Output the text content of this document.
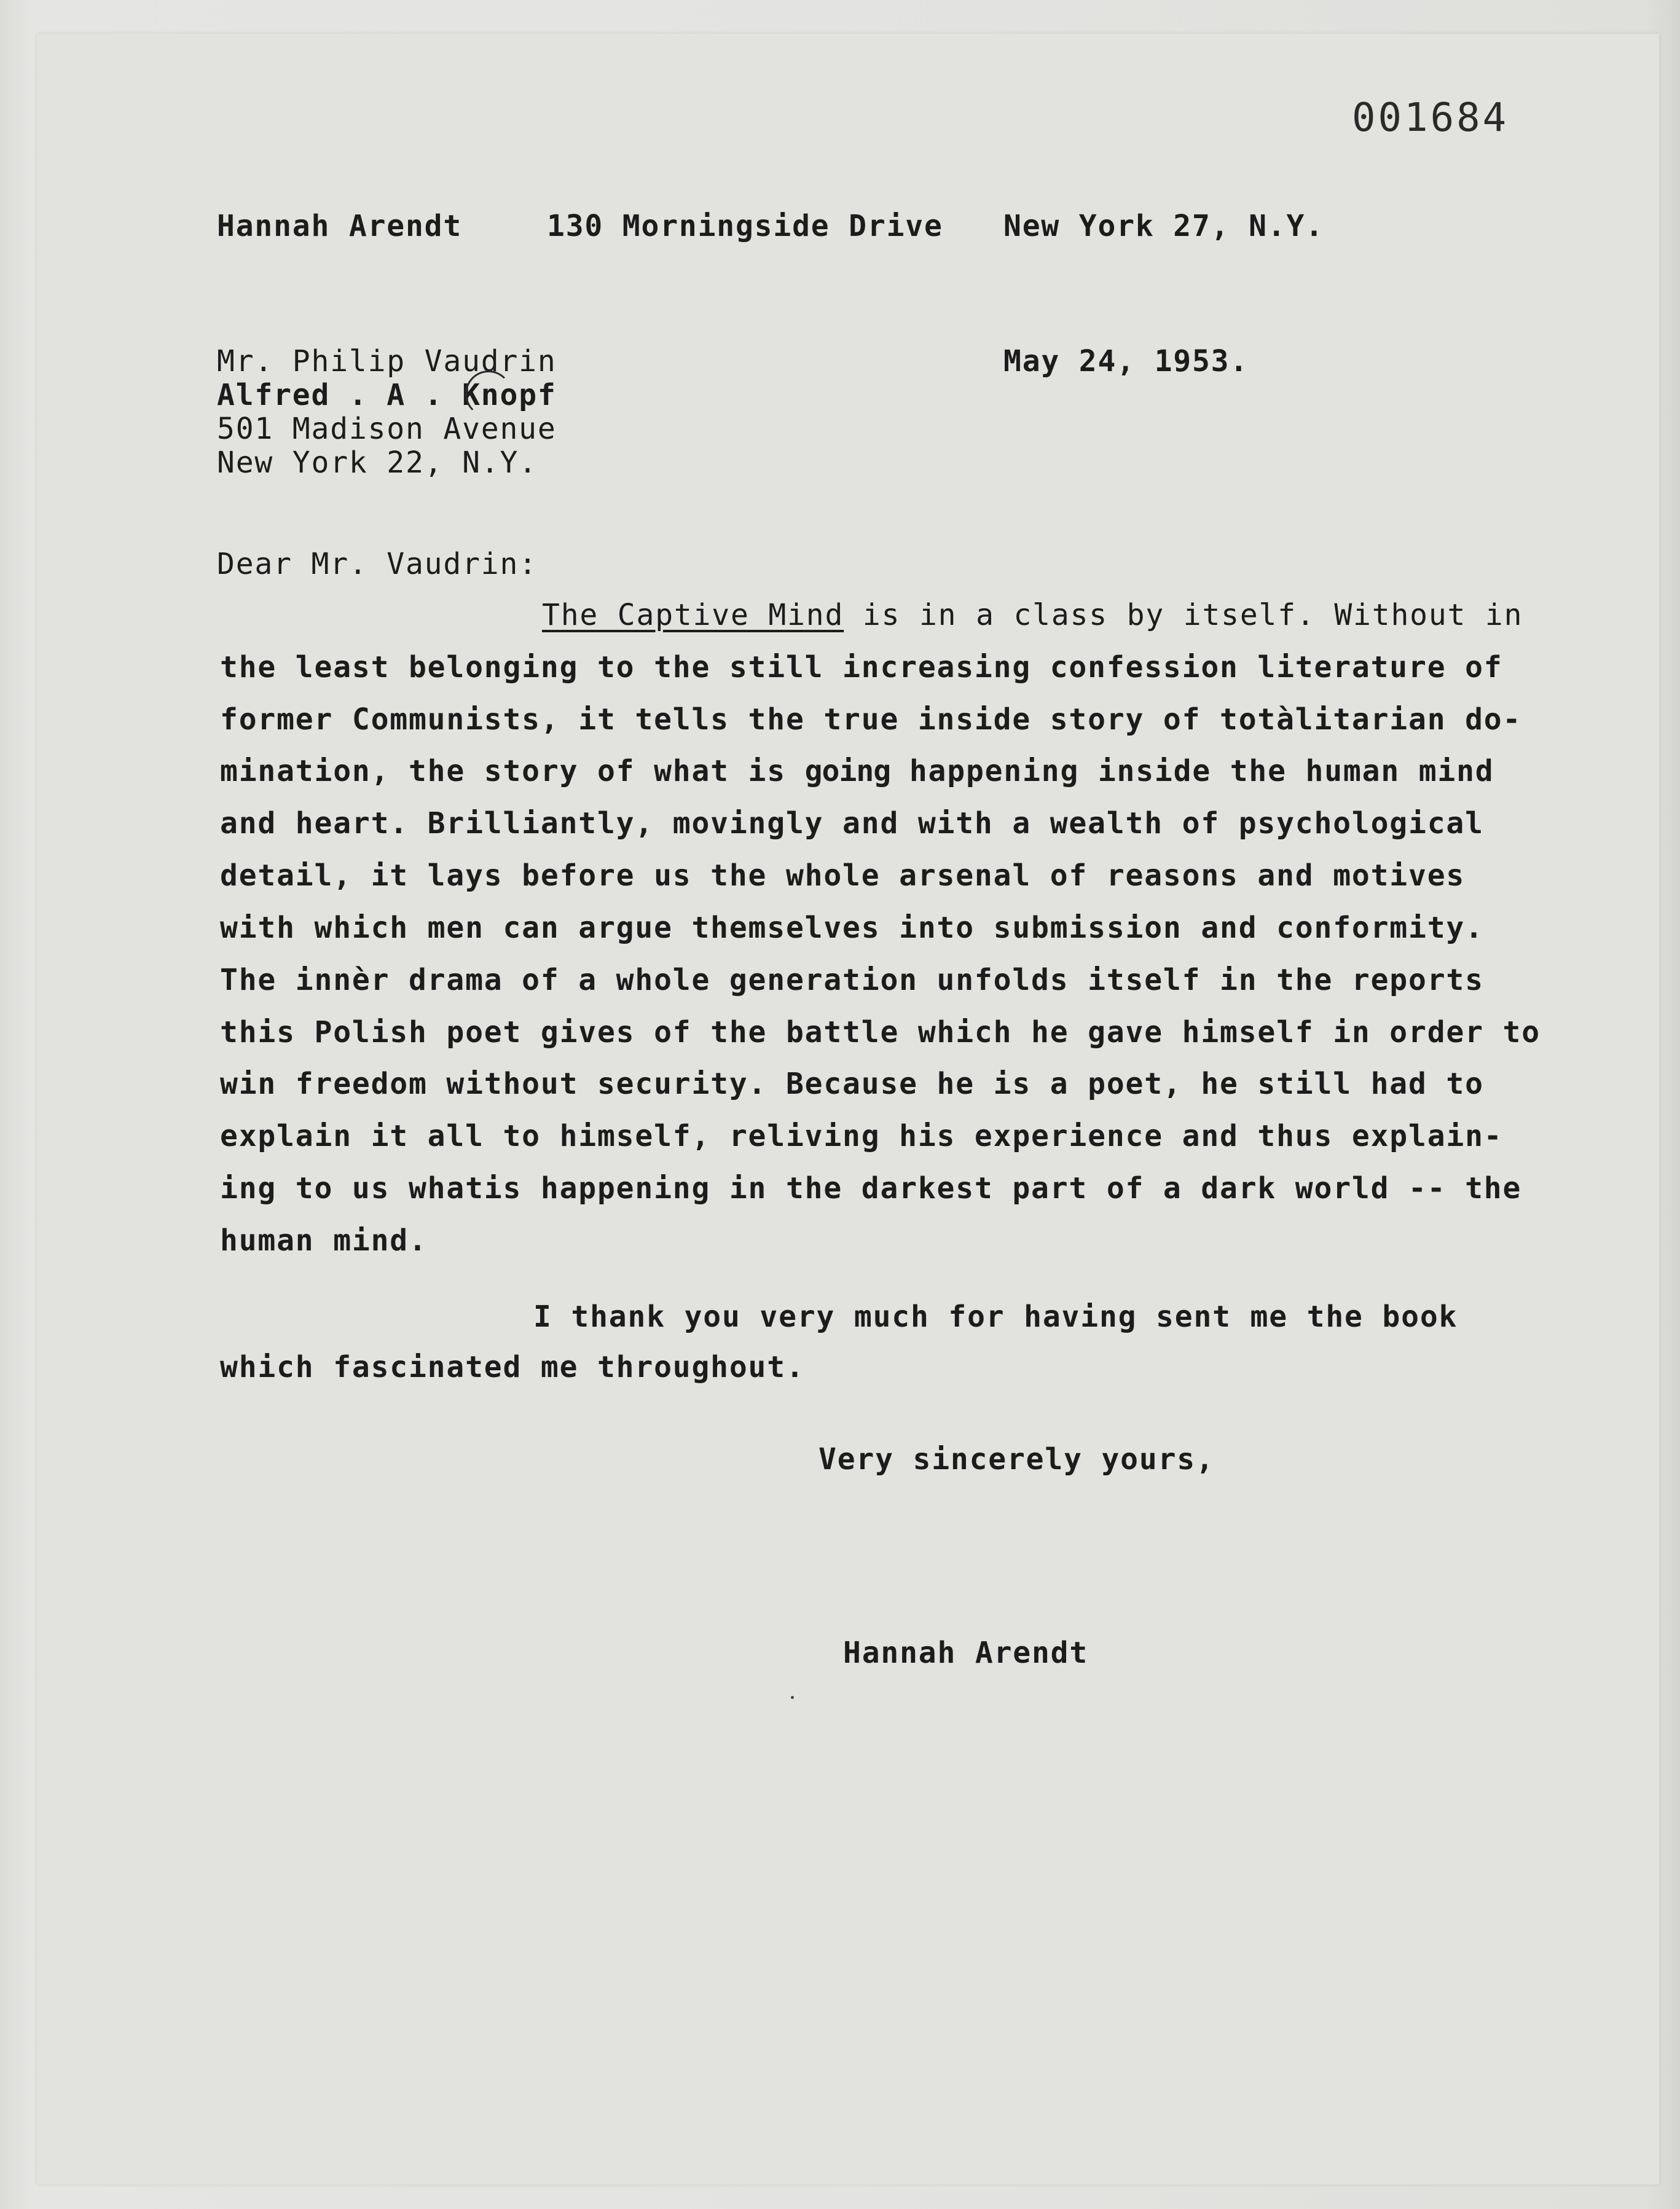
001684
Hannah Arendt	130 Morningside Drive New York 27, N.Y.
Mr. Philip Vaudrin
Alfred . A . Knopf
501 Madison Avenue
New York 22, N.Y.
May 24, 1953.
Dear Mr. Vaudrin:
The Captive Mind is in a class by itself. Without in
the least belonging to the still increasing confession literature of
former Communists, it tells the true inside story of totàlitarian do-
mination, the story of what is going happening inside the human mind
and heart. Brilliantly, movingly and with a wealth of psychological
detail, it lays before us the whole arsenal of reasons and motives
with which men can argue themselves into submission and conformity.
The innèr drama of a whole generation unfolds itself in the reports
this Polish poet gives of the battle which he gave himself in order to
win freedom without security. Because he is a poet, he still had to
explain it all to himself, reliving his experience and thus explain-
ing to us whatis happening in the darkest part of a dark world -- the
human mind.
I thank you very much for having sent me the book
which fascinated me throughout.
Very sincerely yours,
Hannah Arendt
